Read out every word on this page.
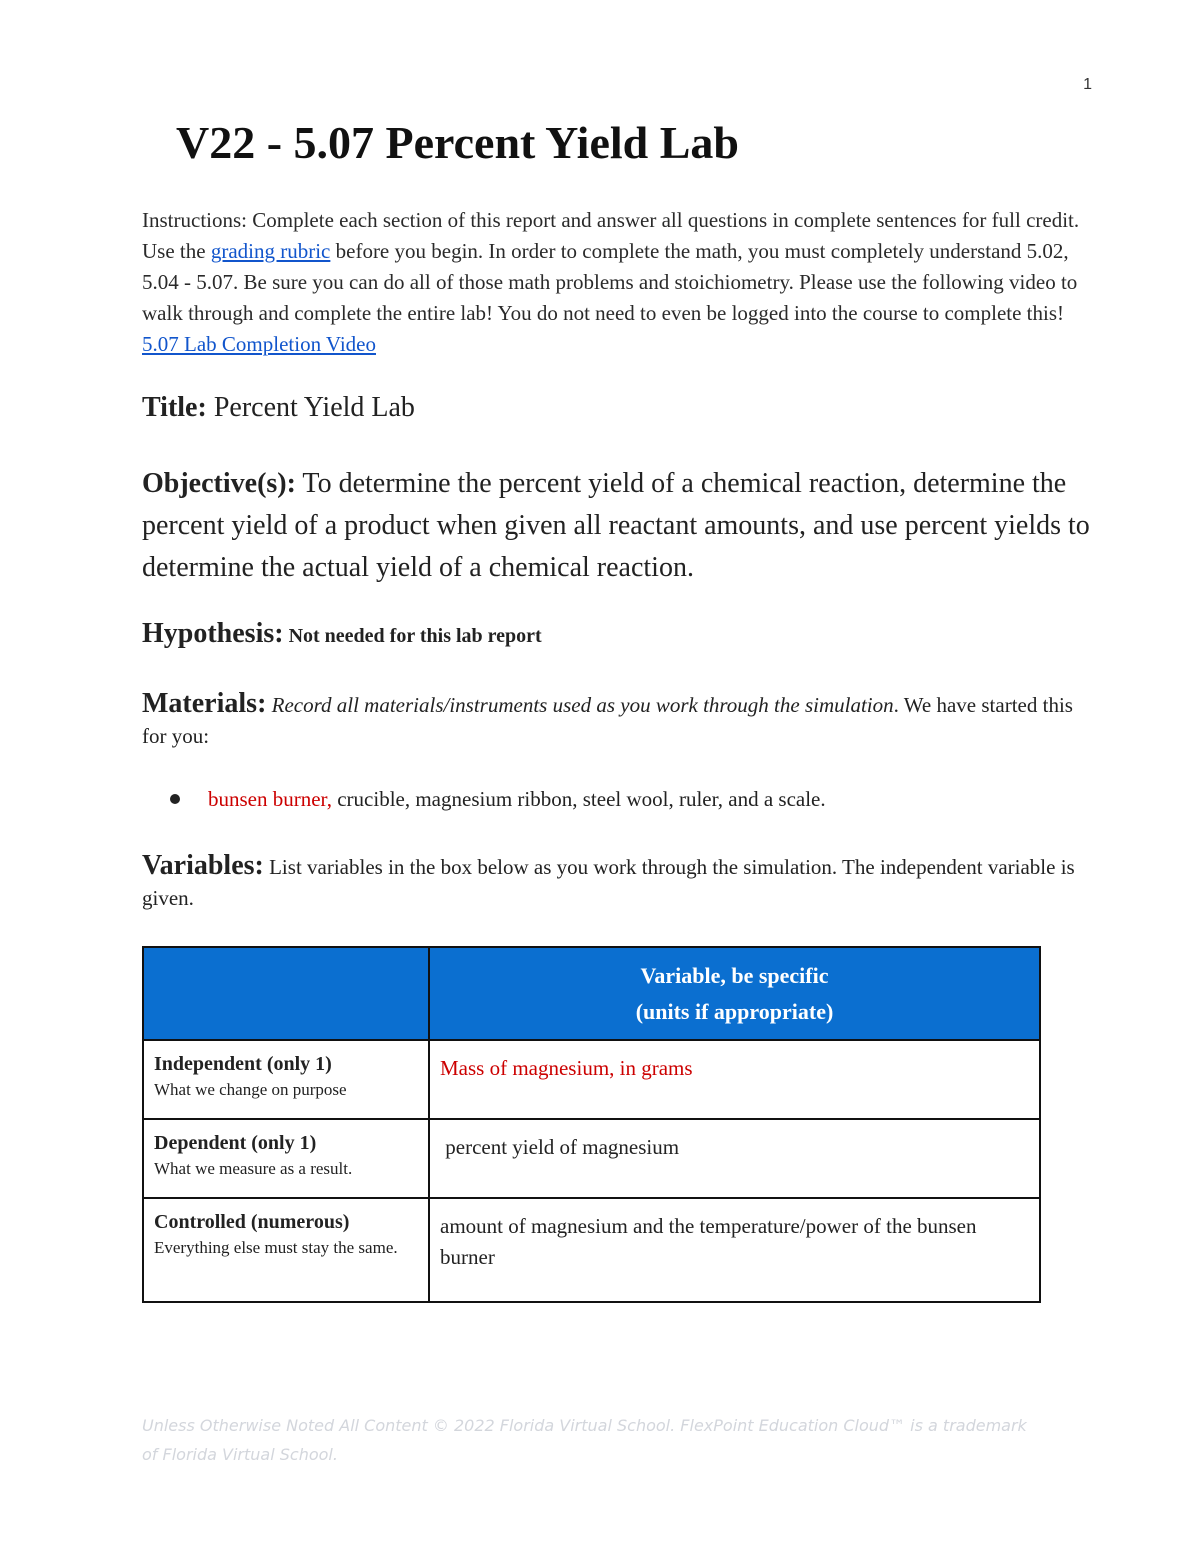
1
V22 - 5.07 Percent Yield Lab

Instructions: Complete each section of this report and answer all questions in complete sentences for full credit. Use the grading rubric before you begin. In order to complete the math, you must completely understand 5.02, 5.04 - 5.07. Be sure you can do all of those math problems and stoichiometry. Please use the following video to walk through and complete the entire lab! You do not need to even be logged into the course to complete this! 5.07 Lab Completion Video

Title: Percent Yield Lab

Objective(s): To determine the percent yield of a chemical reaction, determine the percent yield of a product when given all reactant amounts, and use percent yields to determine the actual yield of a chemical reaction.

Hypothesis: Not needed for this lab report

Materials: Record all materials/instruments used as you work through the simulation. We have started this for you:

bunsen burner, crucible, magnesium ribbon, steel wool, ruler, and a scale.

Variables: List variables in the box below as you work through the simulation. The independent variable is given.

	Variable, be specific
(units if appropriate)

Independent (only 1)
What we change on purpose	Mass of magnesium, in grams

Dependent (only 1)
What we measure as a result.	percent yield of magnesium

Controlled (numerous)
Everything else must stay the same.	amount of magnesium and the temperature/power of the bunsen burner
Unless Otherwise Noted All Content © 2022 Florida Virtual School. FlexPoint Education Cloud™ is a trademark of Florida Virtual School.
